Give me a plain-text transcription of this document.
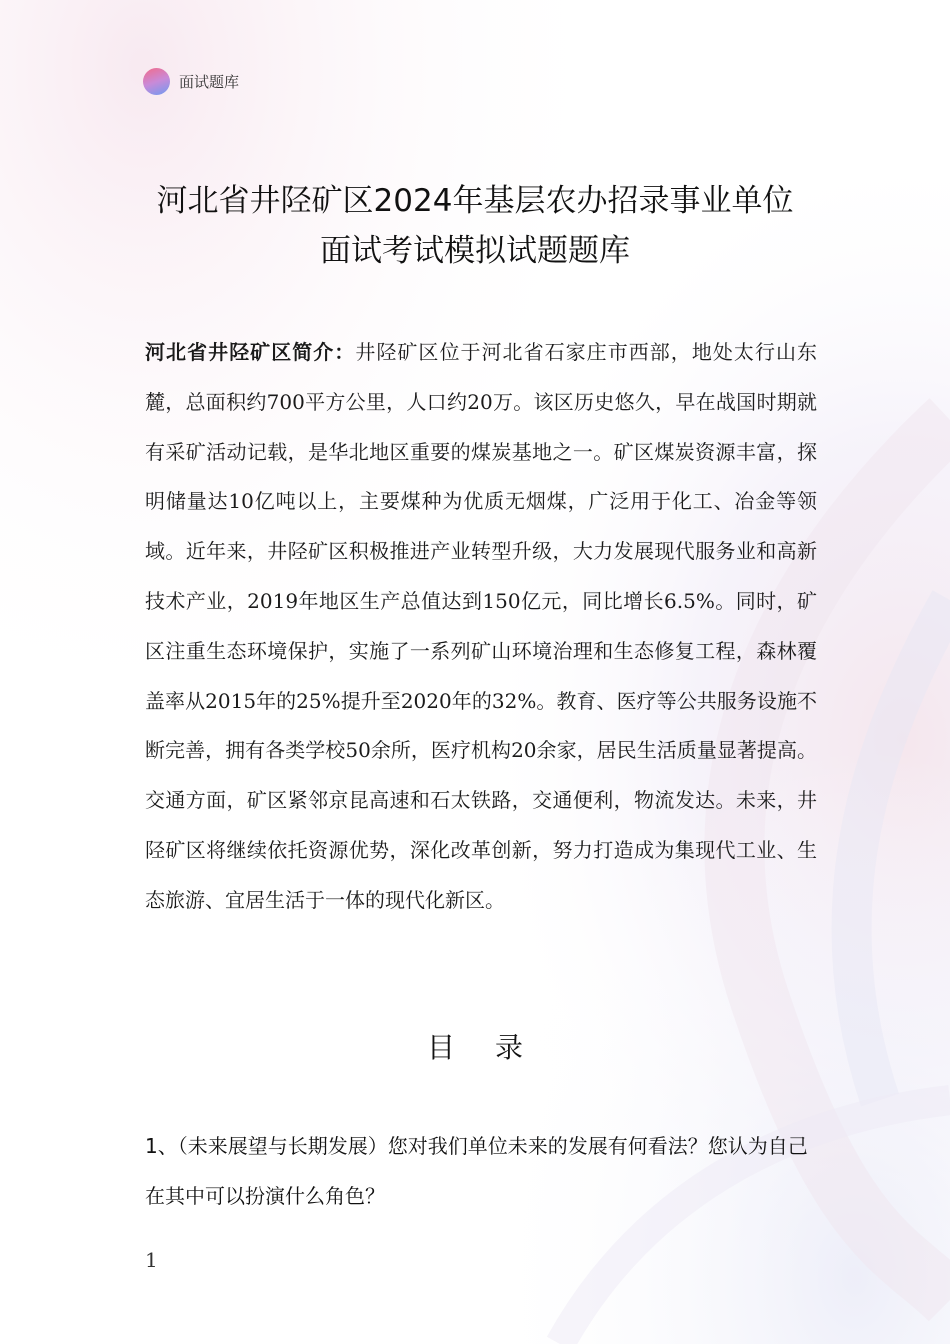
面试题库
河北省井陉矿区2024年基层农办招录事业单位
面试考试模拟试题题库

河北省井陉矿区简介：井陉矿区位于河北省石家庄市西部，地处太行山东麓，总面积约700平方公里，人口约20万。该区历史悠久，早在战国时期就有采矿活动记载，是华北地区重要的煤炭基地之一。矿区煤炭资源丰富，探明储量达10亿吨以上，主要煤种为优质无烟煤，广泛用于化工、冶金等领域。近年来，井陉矿区积极推进产业转型升级，大力发展现代服务业和高新技术产业，2019年地区生产总值达到150亿元，同比增长6.5%。同时，矿区注重生态环境保护，实施了一系列矿山环境治理和生态修复工程，森林覆盖率从2015年的25%提升至2020年的32%。教育、医疗等公共服务设施不断完善，拥有各类学校50余所，医疗机构20余家，居民生活质量显著提高。交通方面，矿区紧邻京昆高速和石太铁路，交通便利，物流发达。未来，井陉矿区将继续依托资源优势，深化改革创新，努力打造成为集现代工业、生态旅游、宜居生活于一体的现代化新区。

目录

1、（未来展望与长期发展）您对我们单位未来的发展有何看法？您认为自己在其中可以扮演什么角色？

1
